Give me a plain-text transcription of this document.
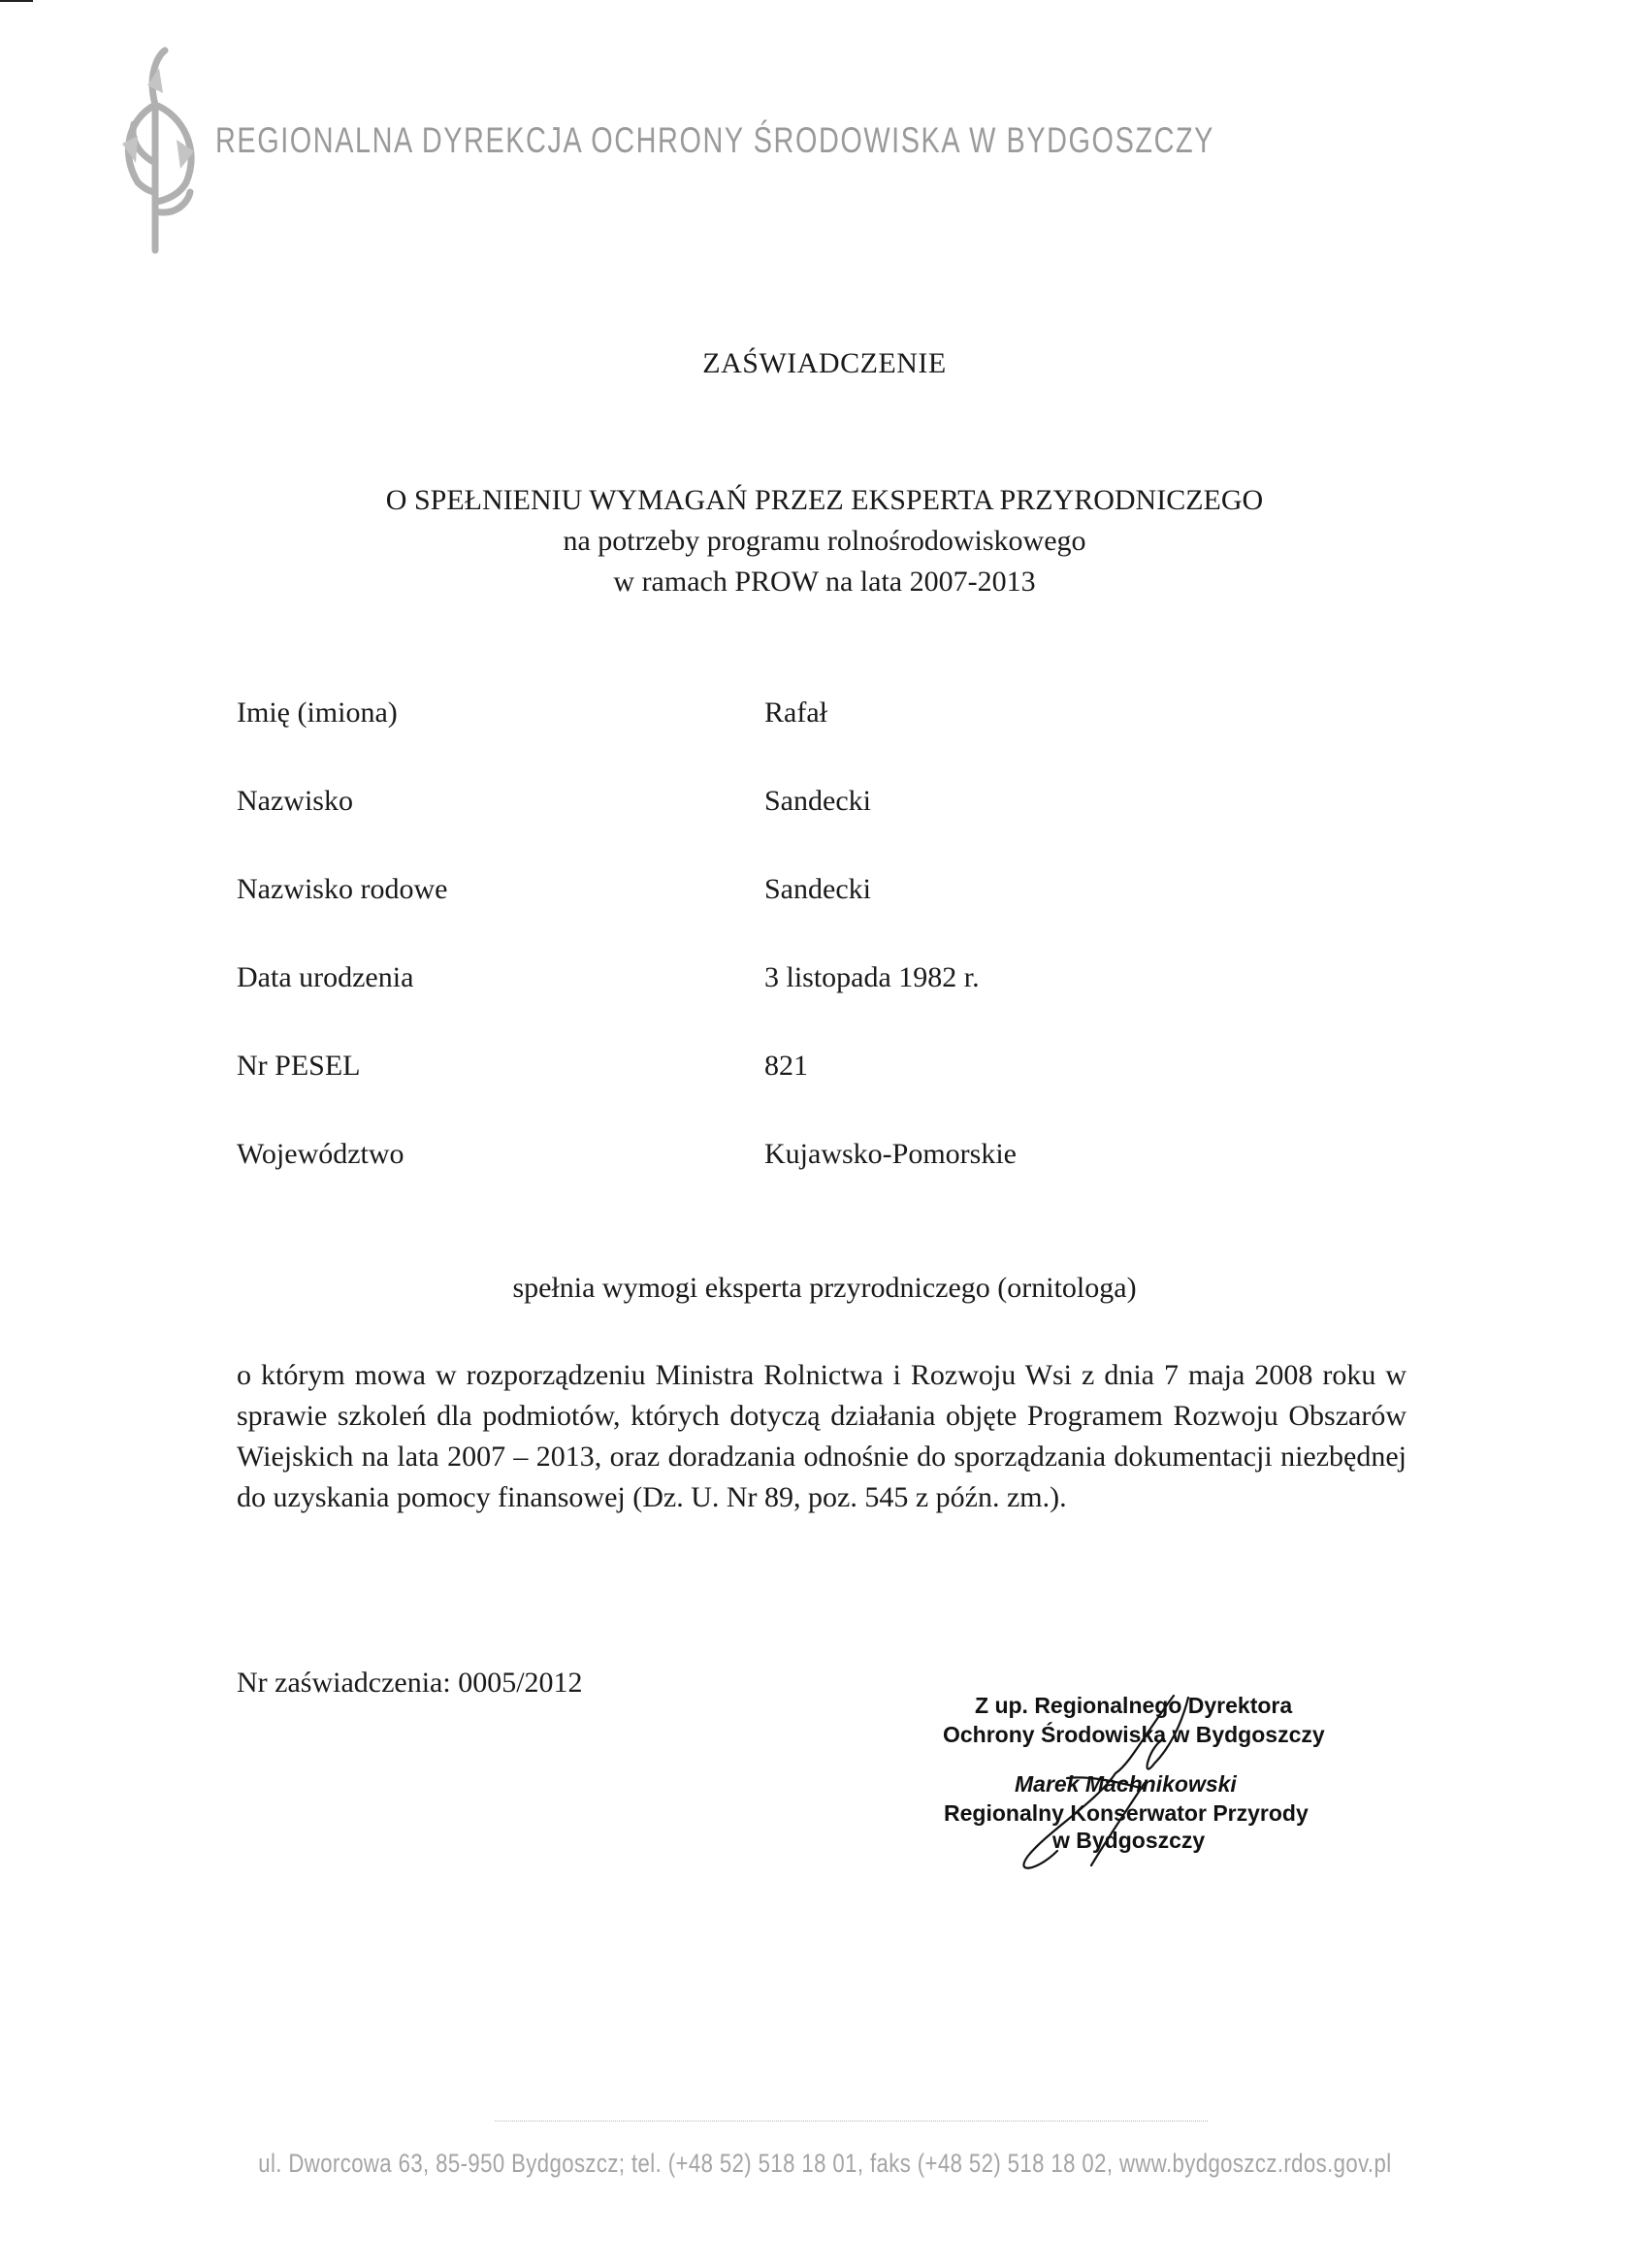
REGIONALNA DYREKCJA OCHRONY ŚRODOWISKA W BYDGOSZCZY
ZAŚWIADCZENIE
O SPEŁNIENIU WYMAGAŃ PRZEZ EKSPERTA PRZYRODNICZEGO
na potrzeby programu rolnośrodowiskowego
w ramach PROW na lata 2007-2013
Imię (imiona)	Rafał
Nazwisko	Sandecki
Nazwisko rodowe	Sandecki
Data urodzenia	3 listopada 1982 r.
Nr PESEL	821
Województwo	Kujawsko-Pomorskie
spełnia wymogi eksperta przyrodniczego (ornitologa)
o którym mowa w rozporządzeniu Ministra Rolnictwa i Rozwoju Wsi z dnia 7 maja 2008 roku w sprawie szkoleń dla podmiotów, których dotyczą działania objęte Programem Rozwoju Obszarów Wiejskich na lata 2007 – 2013, oraz doradzania odnośnie do sporządzania dokumentacji niezbędnej do uzyskania pomocy finansowej (Dz. U. Nr 89, poz. 545 z późn. zm.).
Nr zaświadczenia: 0005/2012
Z up. Regionalnego Dyrektora
Ochrony Środowiska w Bydgoszczy
Marek Machnikowski
Regionalny Konserwator Przyrody
w Bydgoszczy
ul. Dworcowa 63, 85-950 Bydgoszcz; tel. (+48 52) 518 18 01, faks (+48 52) 518 18 02, www.bydgoszcz.rdos.gov.pl
